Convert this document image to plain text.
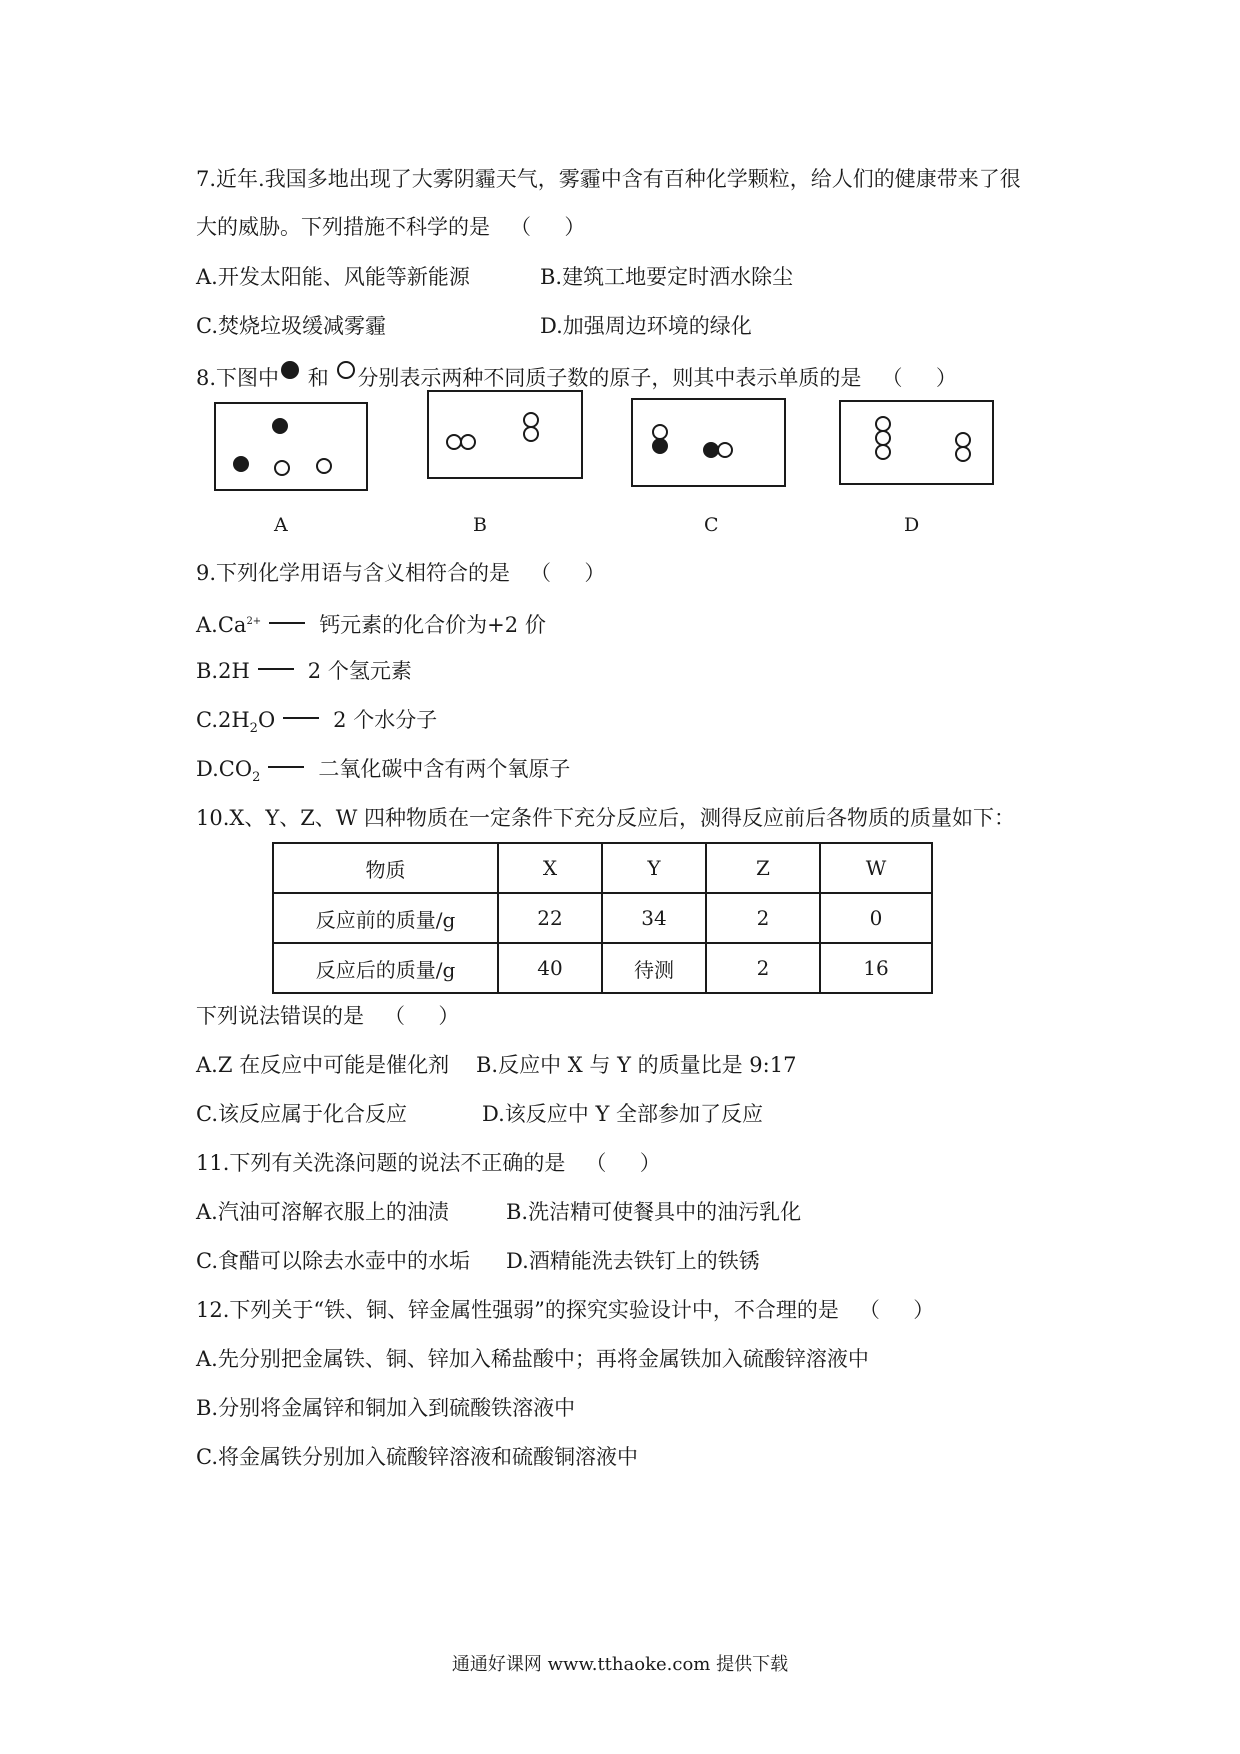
7.近年.我国多地出现了大雾阴霾天气，雾霾中含有百种化学颗粒，给人们的健康带来了很
大的威胁。下列措施不科学的是   （     ）
A.开发太阳能、风能等新能源	B.建筑工地要定时洒水除尘
C.焚烧垃圾缓减雾霾	D.加强周边环境的绿化
8.下图中 和 分别表示两种不同质子数的原子，则其中表示单质的是   （     ）
A	B	C	D
9.下列化学用语与含义相符合的是   （     ）
$A.Ca^{2+}$	钙元素的化合价为+2 价
B.2H	2 个氢元素
$C.2H_2O$	2 个水分子
$D.CO_2$	二氧化碳中含有两个氧原子
10.X、Y、Z、W 四种物质在一定条件下充分反应后，测得反应前后各物质的质量如下：
物质	X	Y	Z	W
反应前的质量/g	22	34	2	0
反应后的质量/g	40	待测	2	16
下列说法错误的是   （     ）
A.Z 在反应中可能是催化剂 B.反应中 X 与 Y 的质量比是 9:17
C.该反应属于化合反应	D.该反应中 Y 全部参加了反应
11.下列有关洗涤问题的说法不正确的是   （     ）
A.汽油可溶解衣服上的油渍	B.洗洁精可使餐具中的油污乳化
C.食醋可以除去水壶中的水垢 D.酒精能洗去铁钉上的铁锈
12.下列关于“铁、铜、锌金属性强弱”的探究实验设计中，不合理的是   （     ）
A.先分别把金属铁、铜、锌加入稀盐酸中；再将金属铁加入硫酸锌溶液中
B.分别将金属锌和铜加入到硫酸铁溶液中
C.将金属铁分别加入硫酸锌溶液和硫酸铜溶液中
通通好课网 www.tthaoke.com 提供下载
